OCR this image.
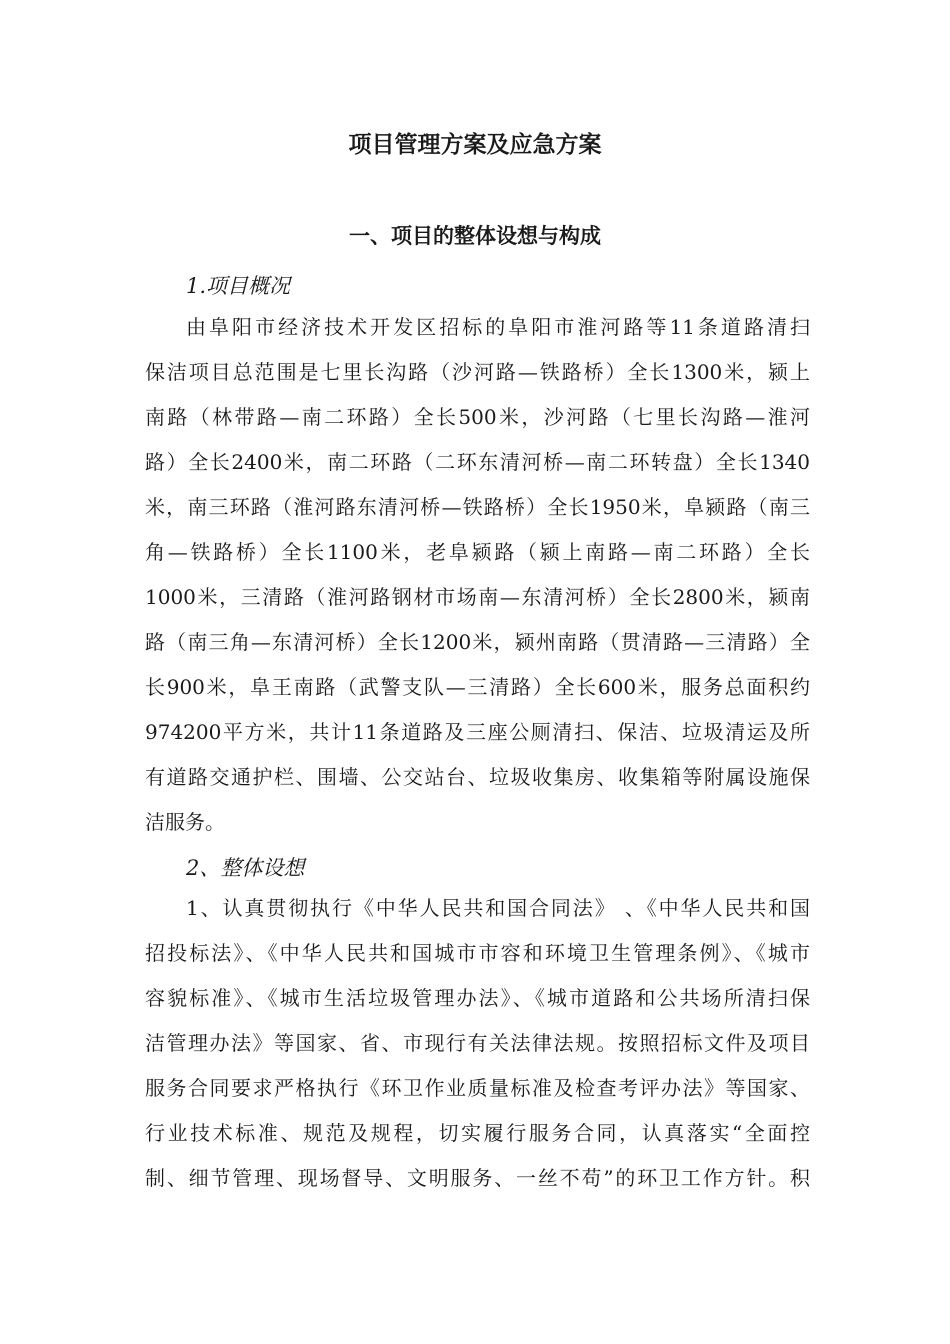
项目管理方案及应急方案
一、项目的整体设想与构成

1.项目概况

由阜阳市经济技术开发区招标的阜阳市淮河路等11条道路清扫

保洁项目总范围是七里长沟路（沙河路—铁路桥）全长1300米，颍上

南路（林带路—南二环路）全长500米，沙河路（七里长沟路—淮河

路）全长2400米，南二环路（二环东清河桥—南二环转盘）全长1340

米，南三环路（淮河路东清河桥—铁路桥）全长1950米，阜颍路（南三

角—铁路桥）全长1100米，老阜颍路（颍上南路—南二环路）全长

1000米，三清路（淮河路钢材市场南—东清河桥）全长2800米，颍南

路（南三角—东清河桥）全长1200米，颍州南路（贯清路—三清路）全

长900米，阜王南路（武警支队—三清路）全长600米，服务总面积约

974200平方米，共计11条道路及三座公厕清扫、保洁、垃圾清运及所

有道路交通护栏、围墙、公交站台、垃圾收集房、收集箱等附属设施保

洁服务。

2、整体设想

1、认真贯彻执行《中华人民共和国合同法》 、《中华人民共和国

招投标法》、《中华人民共和国城市市容和环境卫生管理条例》、《城市

容貌标准》、《城市生活垃圾管理办法》、《城市道路和公共场所清扫保

洁管理办法》等国家、省、市现行有关法律法规。按照招标文件及项目

服务合同要求严格执行《环卫作业质量标准及检查考评办法》等国家、

行业技术标准、规范及规程，切实履行服务合同，认真落实“全面控

制、细节管理、现场督导、文明服务、一丝不苟”的环卫工作方针。积
